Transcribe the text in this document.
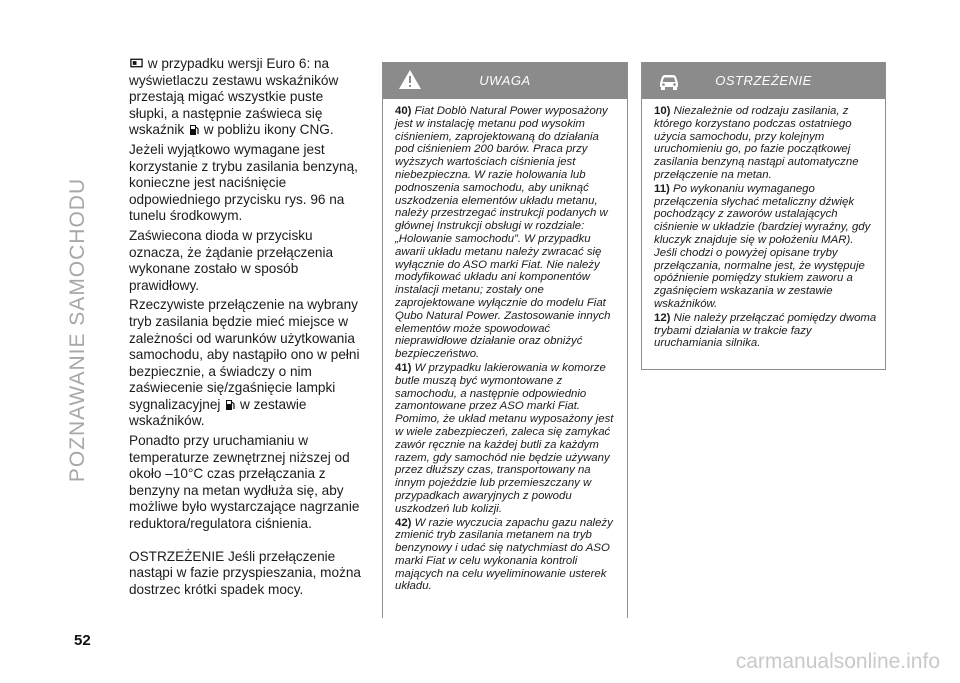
POZNAWANIE SAMOCHODU
52

w przypadku wersji Euro 6: na wyświetlaczu zestawu wskaźników przestają migać wszystkie puste słupki, a następnie zaświeca się wskaźnik w pobliżu ikony CNG.

Jeżeli wyjątkowo wymagane jest korzystanie z trybu zasilania benzyną, konieczne jest naciśnięcie odpowiedniego przycisku rys. 96 na tunelu środkowym.

Zaświecona dioda w przycisku oznacza, że żądanie przełączenia wykonane zostało w sposób prawidłowy.

Rzeczywiste przełączenie na wybrany tryb zasilania będzie mieć miejsce w zależności od warunków użytkowania samochodu, aby nastąpiło ono w pełni bezpiecznie, a świadczy o nim zaświecenie się/zgaśnięcie lampki sygnalizacyjnej w zestawie wskaźników.

Ponadto przy uruchamianiu w temperaturze zewnętrznej niższej od około –10°C czas przełączania z benzyny na metan wydłuża się, aby możliwe było wystarczające nagrzanie reduktora/regulatora ciśnienia.

OSTRZEŻENIE Jeśli przełączenie nastąpi w fazie przyspieszania, można dostrzec krótki spadek mocy.

UWAGA

40) Fiat Doblò Natural Power wyposażony jest w instalację metanu pod wysokim ciśnieniem, zaprojektowaną do działania pod ciśnieniem 200 barów. Praca przy wyższych wartościach ciśnienia jest niebezpieczna. W razie holowania lub podnoszenia samochodu, aby uniknąć uszkodzenia elementów układu metanu, należy przestrzegać instrukcji podanych w głównej Instrukcji obsługi w rozdziale: „Holowanie samochodu”. W przypadku awarii układu metanu należy zwracać się wyłącznie do ASO marki Fiat. Nie należy modyfikować układu ani komponentów instalacji metanu; zostały one zaprojektowane wyłącznie do modelu Fiat Qubo Natural Power. Zastosowanie innych elementów może spowodować nieprawidłowe działanie oraz obniżyć bezpieczeństwo.

41) W przypadku lakierowania w komorze butle muszą być wymontowane z samochodu, a następnie odpowiednio zamontowane przez ASO marki Fiat. Pomimo, że układ metanu wyposażony jest w wiele zabezpieczeń, zaleca się zamykać zawór ręcznie na każdej butli za każdym razem, gdy samochód nie będzie używany przez dłuższy czas, transportowany na innym pojeździe lub przemieszczany w przypadkach awaryjnych z powodu uszkodzeń lub kolizji.

42) W razie wyczucia zapachu gazu należy zmienić tryb zasilania metanem na tryb benzynowy i udać się natychmiast do ASO marki Fiat w celu wykonania kontroli mających na celu wyeliminowanie usterek układu.

OSTRZEŻENIE

10) Niezależnie od rodzaju zasilania, z którego korzystano podczas ostatniego użycia samochodu, przy kolejnym uruchomieniu go, po fazie początkowej zasilania benzyną nastąpi automatyczne przełączenie na metan.

11) Po wykonaniu wymaganego przełączenia słychać metaliczny dźwięk pochodzący z zaworów ustalających ciśnienie w układzie (bardziej wyraźny, gdy kluczyk znajduje się w położeniu MAR). Jeśli chodzi o powyżej opisane tryby przełączania, normalne jest, że występuje opóźnienie pomiędzy stukiem zaworu a zgaśnięciem wskazania w zestawie wskaźników.

12) Nie należy przełączać pomiędzy dwoma trybami działania w trakcie fazy uruchamiania silnika.

carmanualsonline.info
